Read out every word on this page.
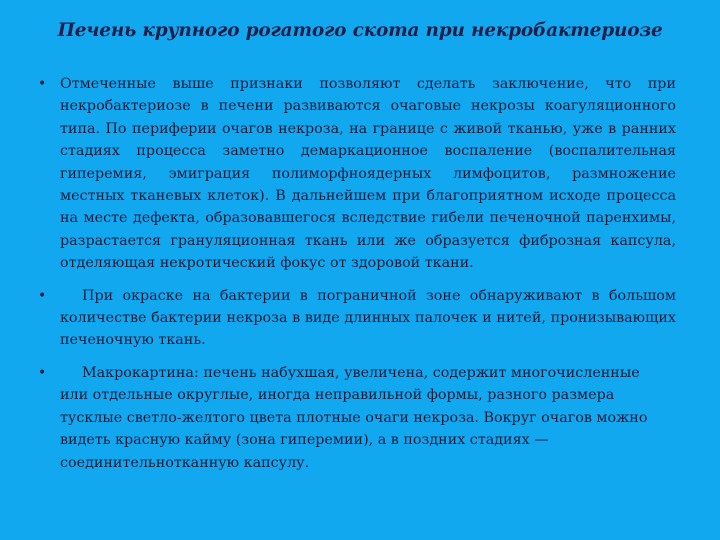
Печень крупного рогатого скота при некробактериозе
• Отмеченные выше признаки позволяют сделать заключение, что при некробактериозе в печени развиваются очаговые некрозы коагуляционного типа. По периферии очагов некроза, на границе с живой тканью, уже в ранних стадиях процесса заметно демаркационное воспаление (воспалительная гиперемия, эмиграция полиморфноядерных лимфоцитов, размножение местных тканевых клеток). В дальнейшем при благоприятном исходе процесса на месте дефекта, образовавшегося вследствие гибели печеночной паренхимы, разрастается грануляционная ткань или же образуется фиброзная капсула, отделяющая некротический фокус от здоровой ткани.
• При окраске на бактерии в пограничной зоне обнаруживают в большом количестве бактерии некроза в виде длинных палочек и нитей, пронизывающих печеночную ткань.
• Макрокартина: печень набухшая, увеличена, содержит многочисленные или отдельные округлые, иногда неправильной формы, разного размера тусклые светло-желтого цвета плотные очаги некроза. Вокруг очагов можно видеть красную кайму (зона гиперемии), а в поздних стадиях — соединительнотканную капсулу.
